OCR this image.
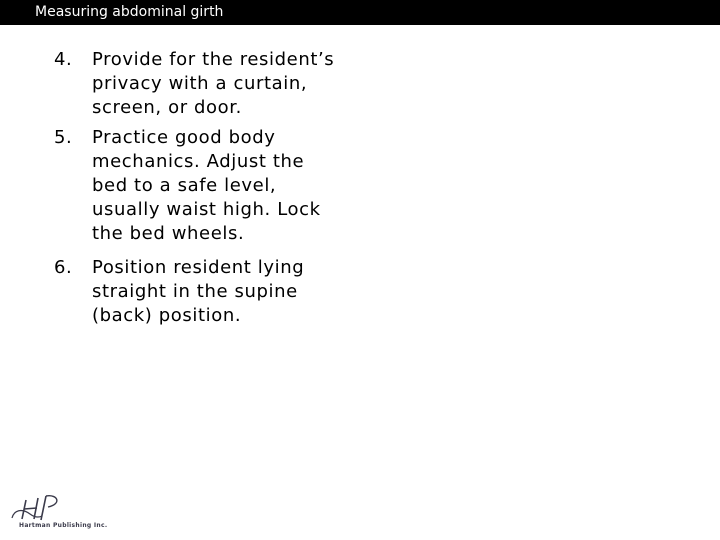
Measuring abdominal girth
4. Provide for the resident’s
privacy with a curtain,
screen, or door.
5. Practice good body
mechanics. Adjust the
bed to a safe level,
usually waist high. Lock
the bed wheels.
6. Position resident lying
straight in the supine
(back) position.
Hartman Publishing Inc.
